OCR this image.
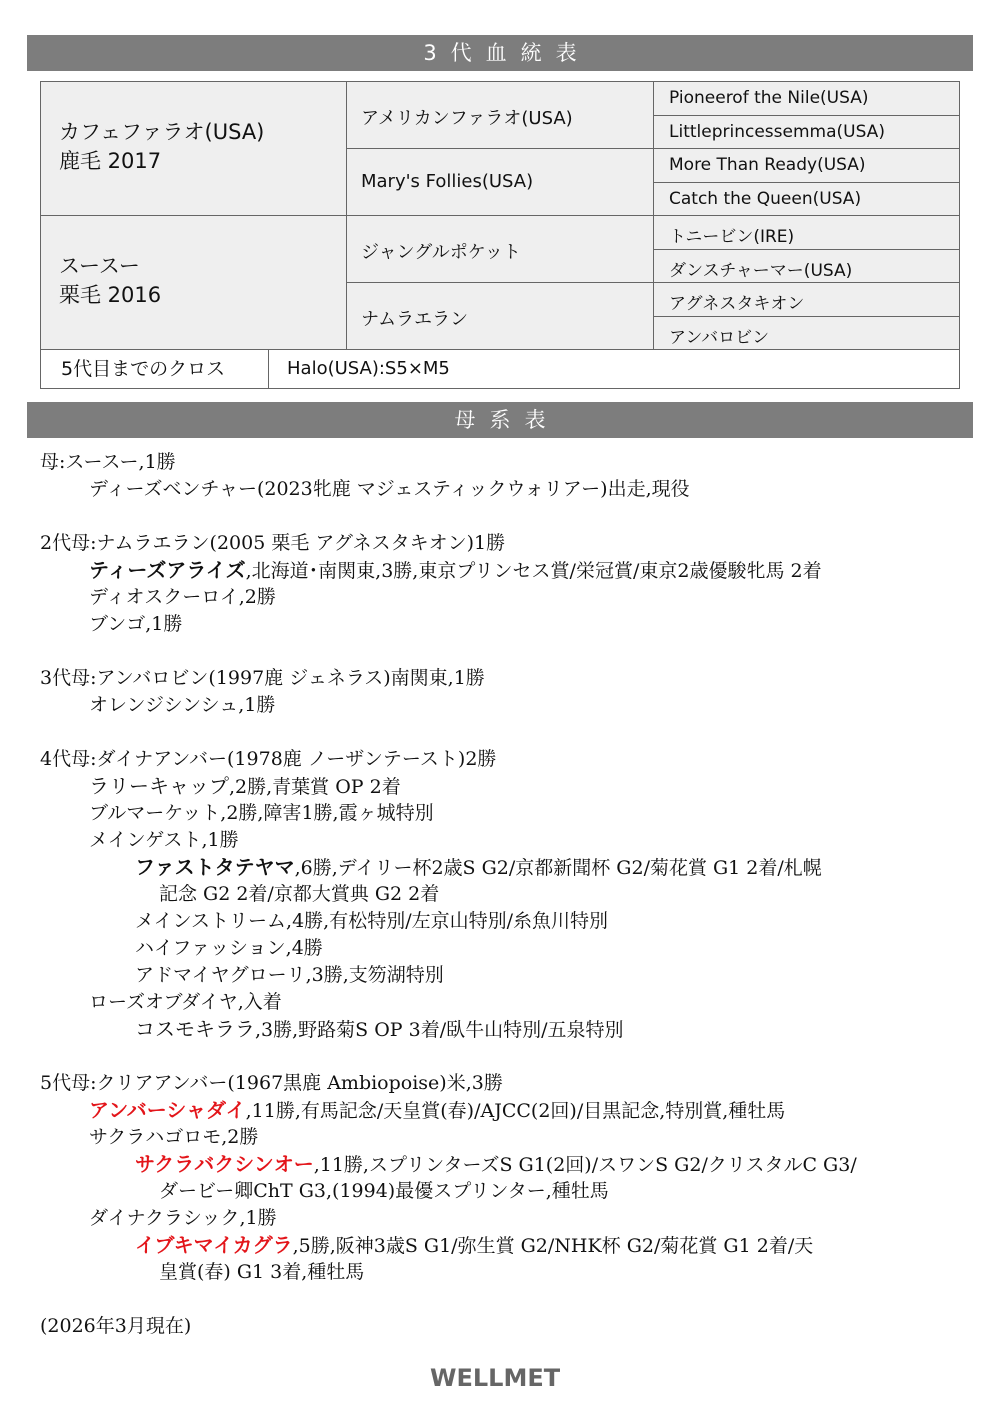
3代血統表
カフェファラオ(USA)
鹿毛 2017
スースー
栗毛 2016
アメリカンファラオ(USA)
Mary's Follies(USA)
ジャングルポケット
ナムラエラン
Pioneerof the Nile(USA)
Littleprincessemma(USA)
More Than Ready(USA)
Catch the Queen(USA)
トニービン(IRE)
ダンスチャーマー(USA)
アグネスタキオン
アンバロビン
5代目までのクロス	Halo(USA):S5×M5
母系表
母:スースー,1勝
ディーズベンチャー(2023牝鹿 マジェスティックウォリアー)出走,現役
2代母:ナムラエラン(2005 栗毛 アグネスタキオン)1勝
ティーズアライズ,北海道･南関東,3勝,東京プリンセス賞/栄冠賞/東京2歳優駿牝馬 2着
ディオスクーロイ,2勝
ブンゴ,1勝
3代母:アンバロビン(1997鹿 ジェネラス)南関東,1勝
オレンジシンシュ,1勝
4代母:ダイナアンバー(1978鹿 ノーザンテースト)2勝
ラリーキャップ,2勝,青葉賞 OP 2着
ブルマーケット,2勝,障害1勝,霞ヶ城特別
メインゲスト,1勝
ファストタテヤマ,6勝,デイリー杯2歳S G2/京都新聞杯 G2/菊花賞 G1 2着/札幌
記念 G2 2着/京都大賞典 G2 2着
メインストリーム,4勝,有松特別/左京山特別/糸魚川特別
ハイファッション,4勝
アドマイヤグローリ,3勝,支笏湖特別
ローズオブダイヤ,入着
コスモキララ,3勝,野路菊S OP 3着/臥牛山特別/五泉特別
5代母:クリアアンバー(1967黒鹿 Ambiopoise)米,3勝
アンバーシャダイ,11勝,有馬記念/天皇賞(春)/AJCC(2回)/目黒記念,特別賞,種牡馬
サクラハゴロモ,2勝
サクラバクシンオー,11勝,スプリンターズS G1(2回)/スワンS G2/クリスタルC G3/
ダービー卿ChT G3,(1994)最優スプリンター,種牡馬
ダイナクラシック,1勝
イブキマイカグラ,5勝,阪神3歳S G1/弥生賞 G2/NHK杯 G2/菊花賞 G1 2着/天
皇賞(春) G1 3着,種牡馬
(2026年3月現在)
WELLMET
